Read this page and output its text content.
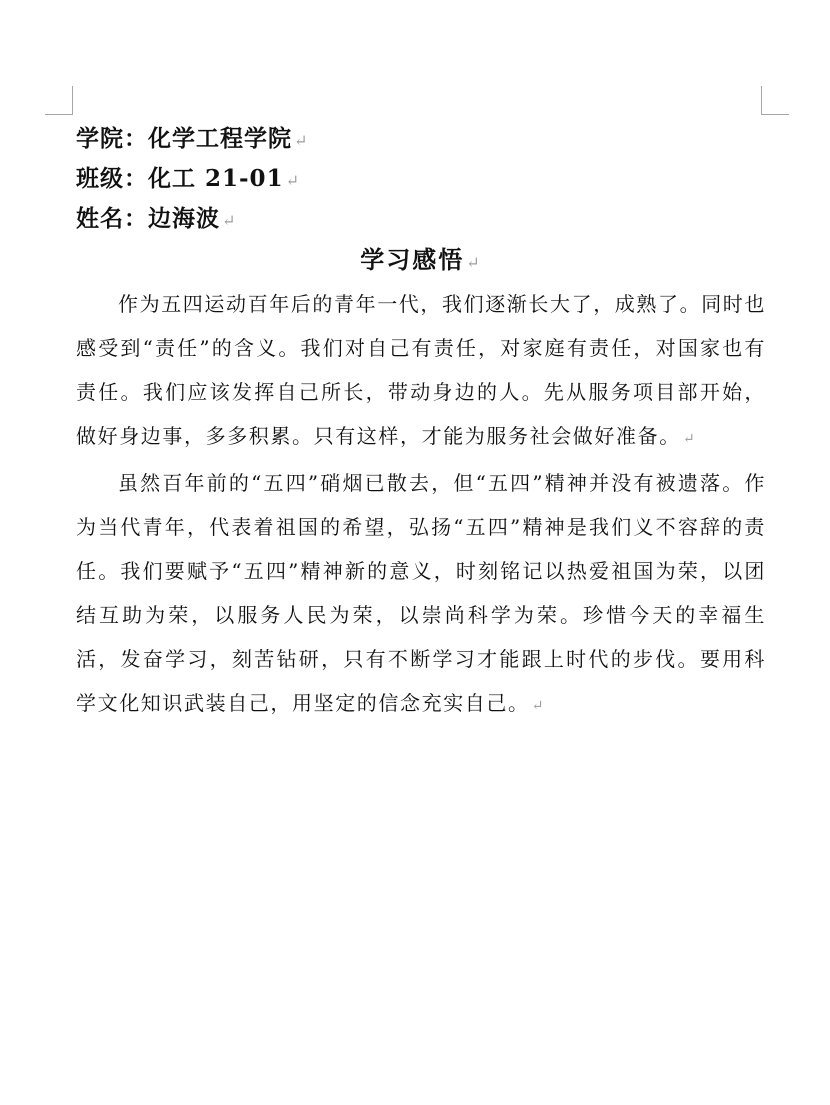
学院：化学工程学院 ↵
班级：化工 21-01 ↵
姓名：边海波 ↵
学习感悟 ↵

作为五四运动百年后的青年一代，我们逐渐长大了，成熟了。同时也感受到“责任”的含义。我们对自己有责任，对家庭有责任，对国家也有责任。我们应该发挥自己所长，带动身边的人。先从服务项目部开始，做好身边事，多多积累。只有这样，才能为服务社会做好准备。 ↵

虽然百年前的“五四”硝烟已散去，但“五四”精神并没有被遗落。作为当代青年，代表着祖国的希望，弘扬“五四”精神是我们义不容辞的责任。我们要赋予“五四”精神新的意义，时刻铭记以热爱祖国为荣，以团结互助为荣，以服务人民为荣，以崇尚科学为荣。珍惜今天的幸福生活，发奋学习，刻苦钻研，只有不断学习才能跟上时代的步伐。要用科学文化知识武装自己，用坚定的信念充实自己。 ↵
